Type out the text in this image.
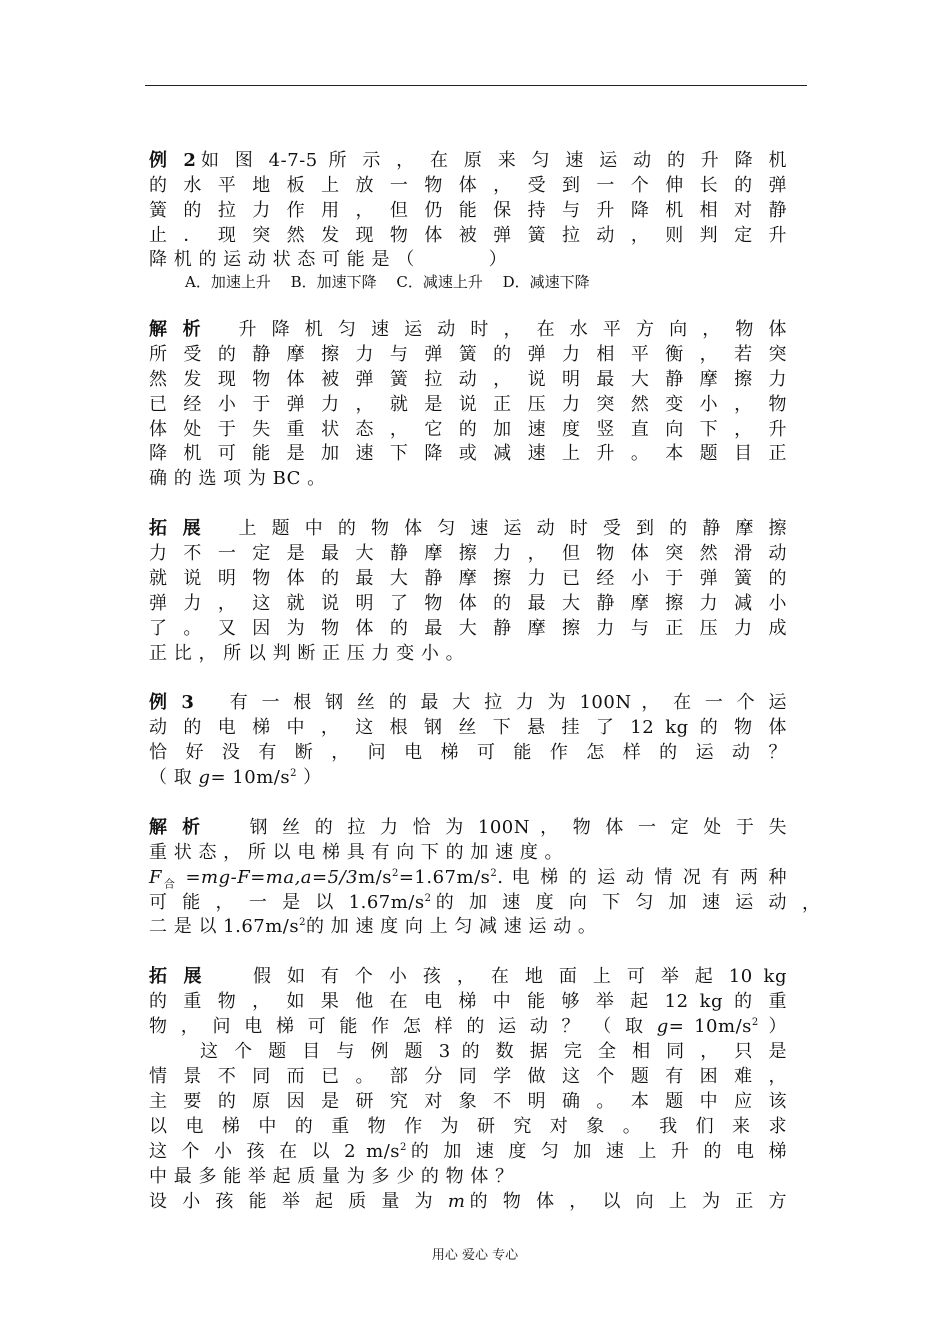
例 2如 图 4-7-5 所 示 ， 在 原 来 匀 速 运 动 的 升 降 机
的 水 平 地 板 上 放 一 物 体 ， 受 到 一 个 伸 长 的 弹
簧 的 拉 力 作 用 ， 但 仍 能 保 持 与 升 降 机 相 对 静
止 ． 现 突 然 发 现 物 体 被 弹 簧 拉 动 ， 则 判 定 升
降 机 的 运 动 状 态 可 能 是 （　　　　）
A．加速上升　 B．加速下降　 C．减速上升　 D．减速下降
解 析　 升 降 机 匀 速 运 动 时 ， 在 水 平 方 向 ， 物 体
所 受 的 静 摩 擦 力 与 弹 簧 的 弹 力 相 平 衡 ， 若 突
然 发 现 物 体 被 弹 簧 拉 动 ， 说 明 最 大 静 摩 擦 力
已 经 小 于 弹 力 ， 就 是 说 正 压 力 突 然 变 小 ， 物
体 处 于 失 重 状 态 ， 它 的 加 速 度 竖 直 向 下 ， 升
降 机 可 能 是 加 速 下 降 或 减 速 上 升 。 本 题 目 正
确 的 选 项 为 BC 。
拓 展　 上 题 中 的 物 体 匀 速 运 动 时 受 到 的 静 摩 擦
力 不 一 定 是 最 大 静 摩 擦 力 ， 但 物 体 突 然 滑 动
就 说 明 物 体 的 最 大 静 摩 擦 力 已 经 小 于 弹 簧 的
弹 力 ， 这 就 说 明 了 物 体 的 最 大 静 摩 擦 力 减 小
了 。 又 因 为 物 体 的 最 大 静 摩 擦 力 与 正 压 力 成
正 比 ， 所 以 判 断 正 压 力 变 小 。
例 3　 有 一 根 钢 丝 的 最 大 拉 力 为 100N ， 在 一 个 运
动 的 电 梯 中 ， 这 根 钢 丝 下 悬 挂 了 12 kg 的 物 体
恰 好 没 有 断 ， 问 电 梯 可 能 作 怎 样 的 运 动 ？
（ 取 $g= 10m/s^2$ ）
解 析　　 钢 丝 的 拉 力 恰 为 100N ， 物 体 一 定 处 于 失
重 状 态 ， 所 以 电 梯 具 有 向 下 的 加 速 度 。
$F_合 =mg-F=ma,a=5/3m/s^2=1.67m/s^2$. 电 梯 的 运 动 情 况 有 两 种
可 能 ， 一 是 以 $1.67m/s^2$的 加 速 度 向 下 匀 加 速 运 动 ，
二 是 以 $1.67m/s^2$的 加 速 度 向 上 匀 减 速 运 动 。
拓 展　　	假 如 有 个 小 孩 ， 在 地 面 上 可 举 起 10 kg
的 重 物 ， 如 果 他 在 电 梯 中 能 够 举 起 12 kg 的 重
物 ， 问 电 梯 可 能 作 怎 样 的 运 动 ？ （ 取 $g= 10m/s^2$ ）
这 个 题 目 与 例 题 3 的 数 据 完 全 相 同 ， 只 是
情 景 不 同 而 已 。 部 分 同 学 做 这 个 题 有 困 难 ，
主 要 的 原 因 是 研 究 对 象 不 明 确 。 本 题 中 应 该
以 电 梯 中 的 重 物 作 为 研 究 对 象 。 我 们 来 求
这 个 小 孩 在 以 2 $m/s^2$的 加 速 度 匀 加 速 上 升 的 电 梯
中 最 多 能 举 起 质 量 为 多 少 的 物 体 ？
设 小 孩 能 举 起 质 量 为 m的 物 体 ， 以 向 上 为 正 方
用心 爱心 专心
